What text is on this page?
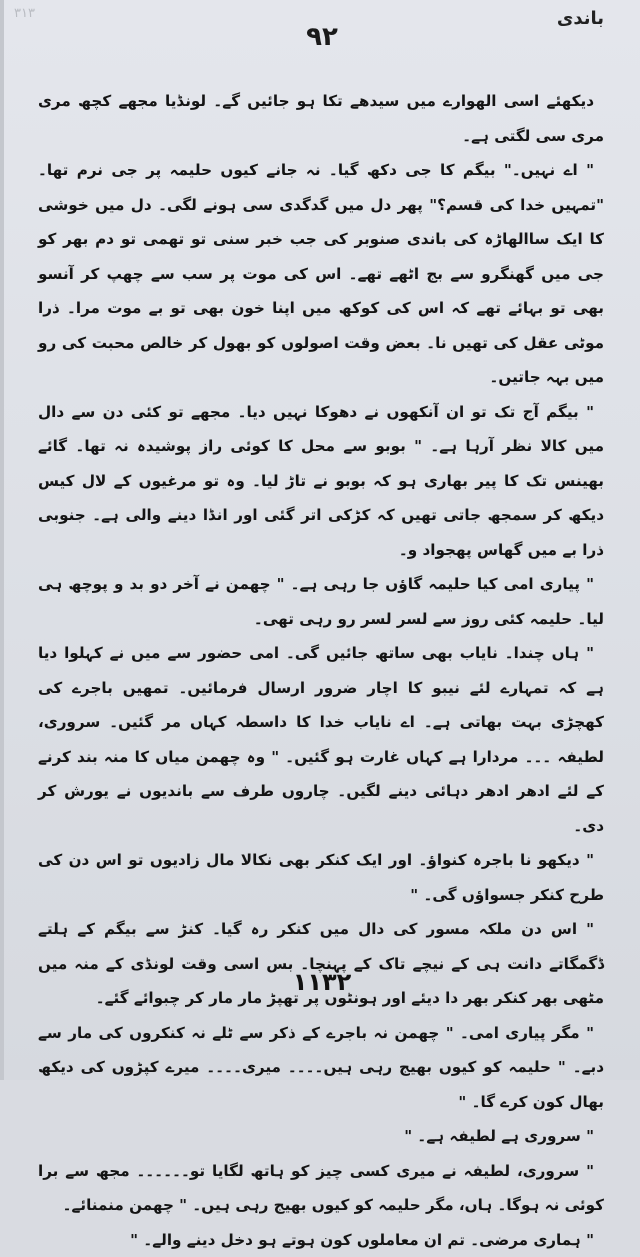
۳۱۳
۹۲
باندی

دیکھئے اسی الھوارے میں سیدھے تکا ہو جائیں گے۔ لونڈیا مجھے کچھ مری مری سی لگتی ہے۔

" اے نہیں۔" بیگم کا جی دکھ گیا۔ نہ جانے کیوں حلیمہ پر جی نرم تھا۔ "تمہیں خدا کی قسم؟" پھر دل میں گدگدی سی ہونے لگی۔ دل میں خوشی کا ایک ساالھاڑہ کی باندی صنوبر کی جب خبر سنی تو تھمی تو دم بھر کو جی میں گھنگرو سے بج اٹھے تھے۔ اس کی موت پر سب سے چھپ کر آنسو بھی تو بہائے تھے کہ اس کی کوکھ میں اپنا خون بھی تو بے موت مرا۔ ذرا موٹی عقل کی تھیں نا۔ بعض وقت اصولوں کو بھول کر خالص محبت کی رو میں بہہ جاتیں۔

" بیگم آج تک تو ان آنکھوں نے دھوکا نہیں دیا۔ مجھے تو کئی دن سے دال میں کالا نظر آرہا ہے۔ " بوبو سے محل کا کوئی راز پوشیدہ نہ تھا۔ گائے بھینس تک کا پیر بھاری ہو کہ بوبو نے تاڑ لیا۔ وہ تو مرغیوں کے لال کیس دیکھ کر سمجھ جاتی تھیں کہ کڑکی اتر گئی اور انڈا دینے والی ہے۔ جنوبی ذرا بے میں گھاس پھجواد و۔

" پیاری امی کیا حلیمہ گاؤں جا رہی ہے۔ " چھمن نے آخر دو بد و پوچھ ہی لیا۔ حلیمہ کئی روز سے لسر لسر رو رہی تھی۔

" ہاں چندا۔ نایاب بھی ساتھ جائیں گی۔ امی حضور سے میں نے کہلوا دیا ہے کہ تمہارے لئے نیبو کا اچار ضرور ارسال فرمائیں۔ تمھیں باجرے کی کھچڑی بہت بھاتی ہے۔ اے نایاب خدا کا داسطہ کہاں مر گئیں۔ سروری، لطیفہ ۔۔۔ مردارا ہے کہاں غارت ہو گئیں۔ " وہ چھمن میاں کا منہ بند کرنے کے لئے ادھر ادھر دہائی دینے لگیں۔ چاروں طرف سے باندیوں نے یورش کر دی۔

" دیکھو نا باجرہ کنواؤ۔ اور ایک کنکر بھی نکالا مال زادیوں تو اس دن کی طرح کنکر جسواؤں گی۔ "

" اس دن ملکہ مسور کی دال میں کنکر رہ گیا۔ کنڑ سے بیگم کے ہلتے ڈگمگاتے دانت ہی کے نیچے تاک کے پہنچا۔ بس اسی وقت لونڈی کے منہ میں مٹھی بھر کنکر بھر دا دیئے اور ہونٹوں پر تھپڑ مار مار کر چبوائے گئے۔

" مگر پیاری امی۔ " چھمن نہ باجرے کے ذکر سے ٹلے نہ کنکروں کی مار سے دبے۔ " حلیمہ کو کیوں بھیج رہی ہیں۔۔۔۔ میری۔۔۔۔ میرے کپڑوں کی دیکھ بھال کون کرے گا۔ "

" سروری ہے لطیفہ ہے۔ "

" سروری، لطیفہ نے میری کسی چیز کو ہاتھ لگایا تو۔۔۔۔۔۔ مجھ سے برا کوئی نہ ہوگا۔ ہاں، مگر حلیمہ کو کیوں بھیج رہی ہیں۔ " چھمن منمنائے۔

" ہماری مرضی۔ تم ان معاملوں کون ہوتے ہو دخل دینے والے۔ "

۱۱۳۲
